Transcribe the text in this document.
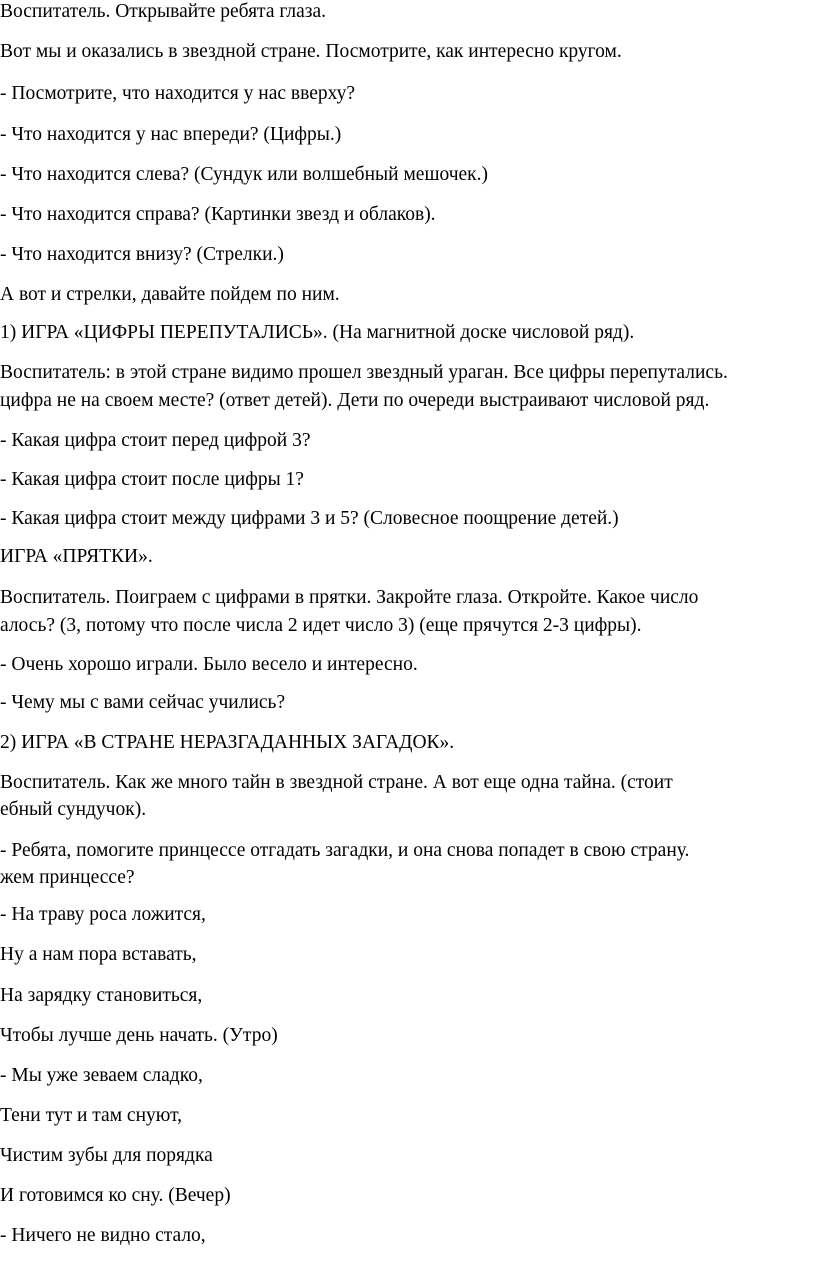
Воспитатель. Открывайте ребята глаза.
Вот мы и оказались в звездной стране. Посмотрите, как интересно кругом.
- Посмотрите, что находится у нас вверху?
- Что находится у нас впереди? (Цифры.)
- Что находится слева? (Сундук или волшебный мешочек.)
- Что находится справа? (Картинки звезд и облаков).
- Что находится внизу? (Стрелки.)
А вот и стрелки, давайте пойдем по ним.
1) ИГРА «ЦИФРЫ ПЕРЕПУТАЛИСЬ». (На магнитной доске числовой ряд).
Воспитатель: в этой стране видимо прошел звездный ураган. Все цифры перепутались.
цифра не на своем месте? (ответ детей). Дети по очереди выстраивают числовой ряд.
- Какая цифра стоит перед цифрой 3?
- Какая цифра стоит после цифры 1?
- Какая цифра стоит между цифрами 3 и 5? (Словесное поощрение детей.)
ИГРА «ПРЯТКИ».
Воспитатель. Поиграем с цифрами в прятки. Закройте глаза. Откройте. Какое число
алось? (3, потому что после числа 2 идет число 3) (еще прячутся 2-3 цифры).
- Очень хорошо играли. Было весело и интересно.
- Чему мы с вами сейчас учились?
2) ИГРА «В СТРАНЕ НЕРАЗГАДАННЫХ ЗАГАДОК».
Воспитатель. Как же много тайн в звездной стране. А вот еще одна тайна. (стоит
ебный сундучок).
- Ребята, помогите принцессе отгадать загадки, и она снова попадет в свою страну.
жем принцессе?
- На траву роса ложится,
Ну а нам пора вставать,
На зарядку становиться,
Чтобы лучше день начать. (Утро)
- Мы уже зеваем сладко,
Тени тут и там снуют,
Чистим зубы для порядка
И готовимся ко сну. (Вечер)
- Ничего не видно стало,
